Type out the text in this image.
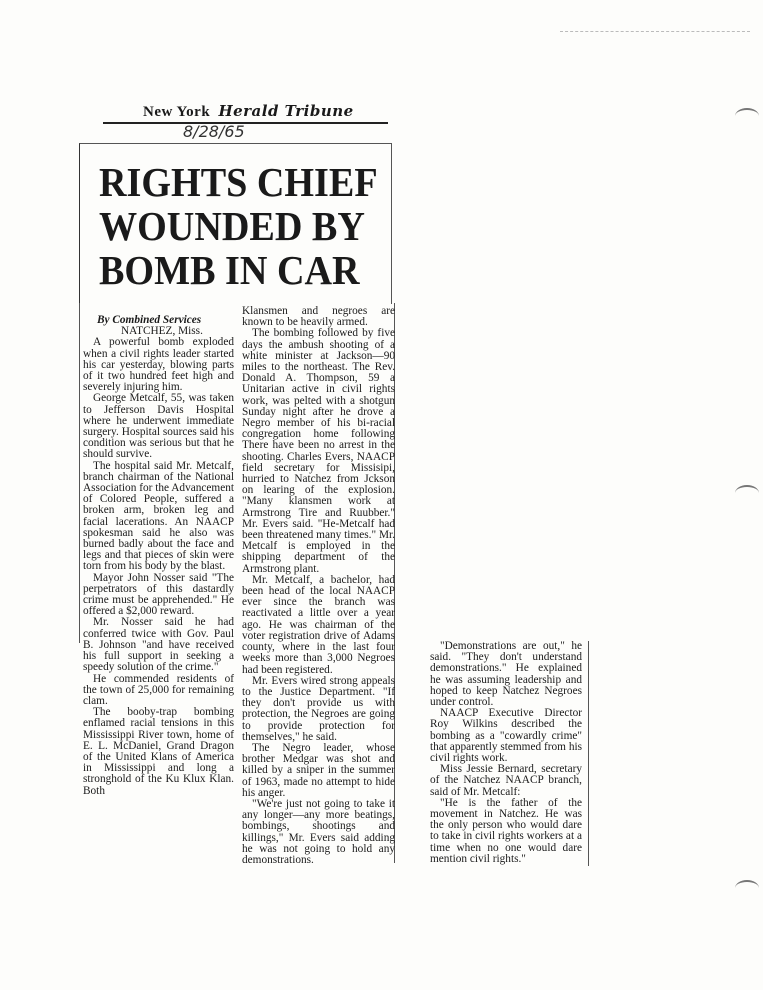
New York Herald Tribune
8/28/65
RIGHTS CHIEF
WOUNDED BY
BOMB IN CAR

By Combined Services

NATCHEZ, Miss.

A powerful bomb exploded when a civil rights leader started his car yesterday, blowing parts of it two hundred feet high and severely injuring him.

George Metcalf, 55, was taken to Jefferson Davis Hospital where he underwent immediate surgery. Hospital sources said his condition was serious but that he should survive.

The hospital said Mr. Metcalf, branch chairman of the National Association for the Advancement of Colored People, suffered a broken arm, broken leg and facial lacerations. An NAACP spokesman said he also was burned badly about the face and legs and that pieces of skin were torn from his body by the blast.

Mayor John Nosser said "The perpetrators of this dastardly crime must be apprehended." He offered a $2,000 reward.

Mr. Nosser said he had conferred twice with Gov. Paul B. Johnson "and have received his full support in seeking a speedy solution of the crime."

He commended residents of the town of 25,000 for remaining clam.

The booby-trap bombing enflamed racial tensions in this Mississippi River town, home of E. L. McDaniel, Grand Dragon of the United Klans of America in Mississippi and long a stronghold of the Ku Klux Klan. Both

Klansmen and negroes are known to be heavily armed.

The bombing followed by five days the ambush shooting of a white minister at Jackson—90 miles to the northeast. The Rev. Donald A. Thompson, 59 a Unitarian active in civil rights work, was pelted with a shotgun Sunday night after he drove a Negro member of his bi-racial congregation home following There have been no arrest in the shooting. Charles Evers, NAACP field secretary for Missisipi, hurried to Natchez from Jckson on learing of the explosion. "Many klansmen work at Armstrong Tire and Ruubber." Mr. Evers said. "He-Metcalf had been threatened many times." Mr. Metcalf is employed in the shipping department of the Armstrong plant.

Mr. Metcalf, a bachelor, had been head of the local NAACP ever since the branch was reactivated a little over a year ago. He was chairman of the voter registration drive of Adams county, where in the last four weeks more than 3,000 Negroes had been registered.

Mr. Evers wired strong appeals to the Justice Department. "If they don't provide us with protection, the Negroes are going to provide protection for themselves," he said.

The Negro leader, whose brother Medgar was shot and killed by a sniper in the summer of 1963, made no attempt to hide his anger.

"We're just not going to take it any longer—any more beatings, bombings, shootings and killings," Mr. Evers said adding he was not going to hold any demonstrations.

"Demonstrations are out," he said. "They don't understand demonstrations." He explained he was assuming leadership and hoped to keep Natchez Negroes under control.

NAACP Executive Director Roy Wilkins described the bombing as a "cowardly crime" that apparently stemmed from his civil rights work.

Miss Jessie Bernard, secretary of the Natchez NAACP branch, said of Mr. Metcalf:

"He is the father of the movement in Natchez. He was the only person who would dare to take in civil rights workers at a time when no one would dare mention civil rights."
